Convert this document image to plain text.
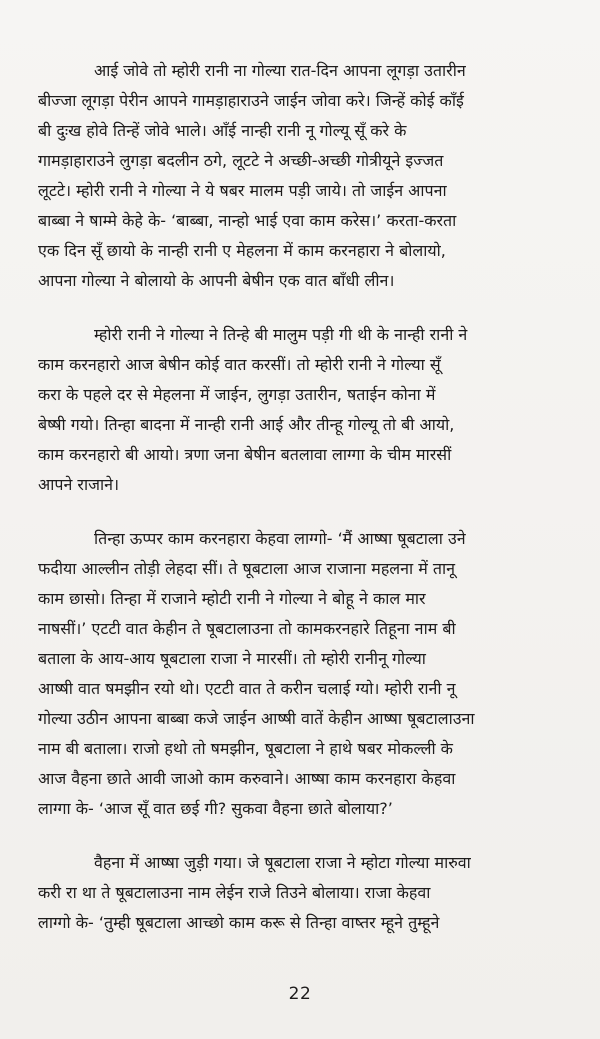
आई जोवे तो म्होरी रानी ना गोल्या रात-दिन आपना लूगड़ा उतारीन
बीज्जा लूगड़ा पेरीन आपने गामड़ाहाराउने जाईन जोवा करे। जिन्हें कोई काँई
बी दुःख होवे तिन्हें जोवे भाले। आँई नान्ही रानी नू गोल्यू सूँ करे के
गामड़ाहाराउने लुगड़ा बदलीन ठगे, लूटटे ने अच्छी-अच्छी गोत्रीयूने इज्जत
लूटटे। म्होरी रानी ने गोल्या ने ये षबर मालम पड़ी जाये। तो जाईन आपना
बाब्बा ने षाम्मे केहे के- ‘बाब्बा, नान्हो भाई एवा काम करेस।’ करता-करता
एक दिन सूँ छायो के नान्ही रानी ए मेहलना में काम करनहारा ने बोलायो,
आपना गोल्या ने बोलायो के आपनी बेषीन एक वात बाँधी लीन।
म्होरी रानी ने गोल्या ने तिन्हे बी मालुम पड़ी गी थी के नान्ही रानी ने
काम करनहारो आज बेषीन कोई वात करसीं। तो म्होरी रानी ने गोल्या सूँ
करा के पहले दर से मेहलना में जाईन, लुगड़ा उतारीन, षताईन कोना में
बेष्षी गयो। तिन्हा बादना में नान्ही रानी आई और तीन्हू गोल्यू तो बी आयो,
काम करनहारो बी आयो। त्रणा जना बेषीन बतलावा लाग्गा के चीम मारसीं
आपने राजाने।
तिन्हा ऊप्पर काम करनहारा केहवा लाग्गो- ‘मैं आष्षा षूबटाला उने
फदीया आल्लीन तोड़ी लेहदा सीं। ते षूबटाला आज राजाना महलना में तानू
काम छासो। तिन्हा में राजाने म्होटी रानी ने गोल्या ने बोहू ने काल मार
नाषसीं।’ एटटी वात केहीन ते षूबटालाउना तो कामकरनहारे तिहूना नाम बी
बताला के आय-आय षूबटाला राजा ने मारसीं। तो म्होरी रानीनू गोल्या
आष्षी वात षमझीन रयो थो। एटटी वात ते करीन चलाई ग्यो। म्होरी रानी नू
गोल्या उठीन आपना बाब्बा कजे जाईन आष्षी वातें केहीन आष्षा षूबटालाउना
नाम बी बताला। राजो हथो तो षमझीन, षूबटाला ने हाथे षबर मोकल्ली के
आज वैहना छाते आवी जाओ काम करुवाने। आष्षा काम करनहारा केहवा
लाग्गा के- ‘आज सूँ वात छई गी? सुकवा वैहना छाते बोलाया?’
वैहना में आष्षा जुड़ी गया। जे षूबटाला राजा ने म्होटा गोल्या मारुवा
करी रा था ते षूबटालाउना नाम लेईन राजे तिउने बोलाया। राजा केहवा
लाग्गो के- ‘तुम्ही षूबटाला आच्छो काम करू से तिन्हा वाष्तर म्हूने तुम्हूने
22
